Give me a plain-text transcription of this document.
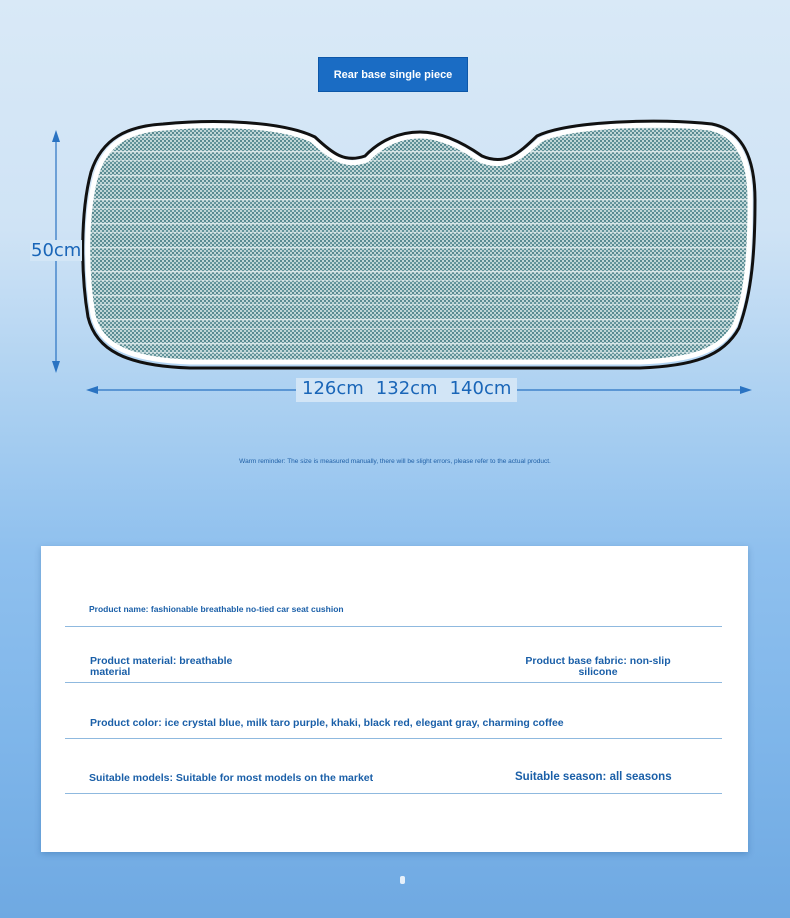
Rear base single piece
50cm
126cm 132cm 140cm
Warm reminder: The size is measured manually, there will be slight errors, please refer to the actual product.
Product name: fashionable breathable no-tied car seat cushion
Product material: breathable material
Product base fabric: non-slip silicone
Product color: ice crystal blue, milk taro purple, khaki, black red, elegant gray, charming coffee
Suitable models: Suitable for most models on the market	Suitable season: all seasons
